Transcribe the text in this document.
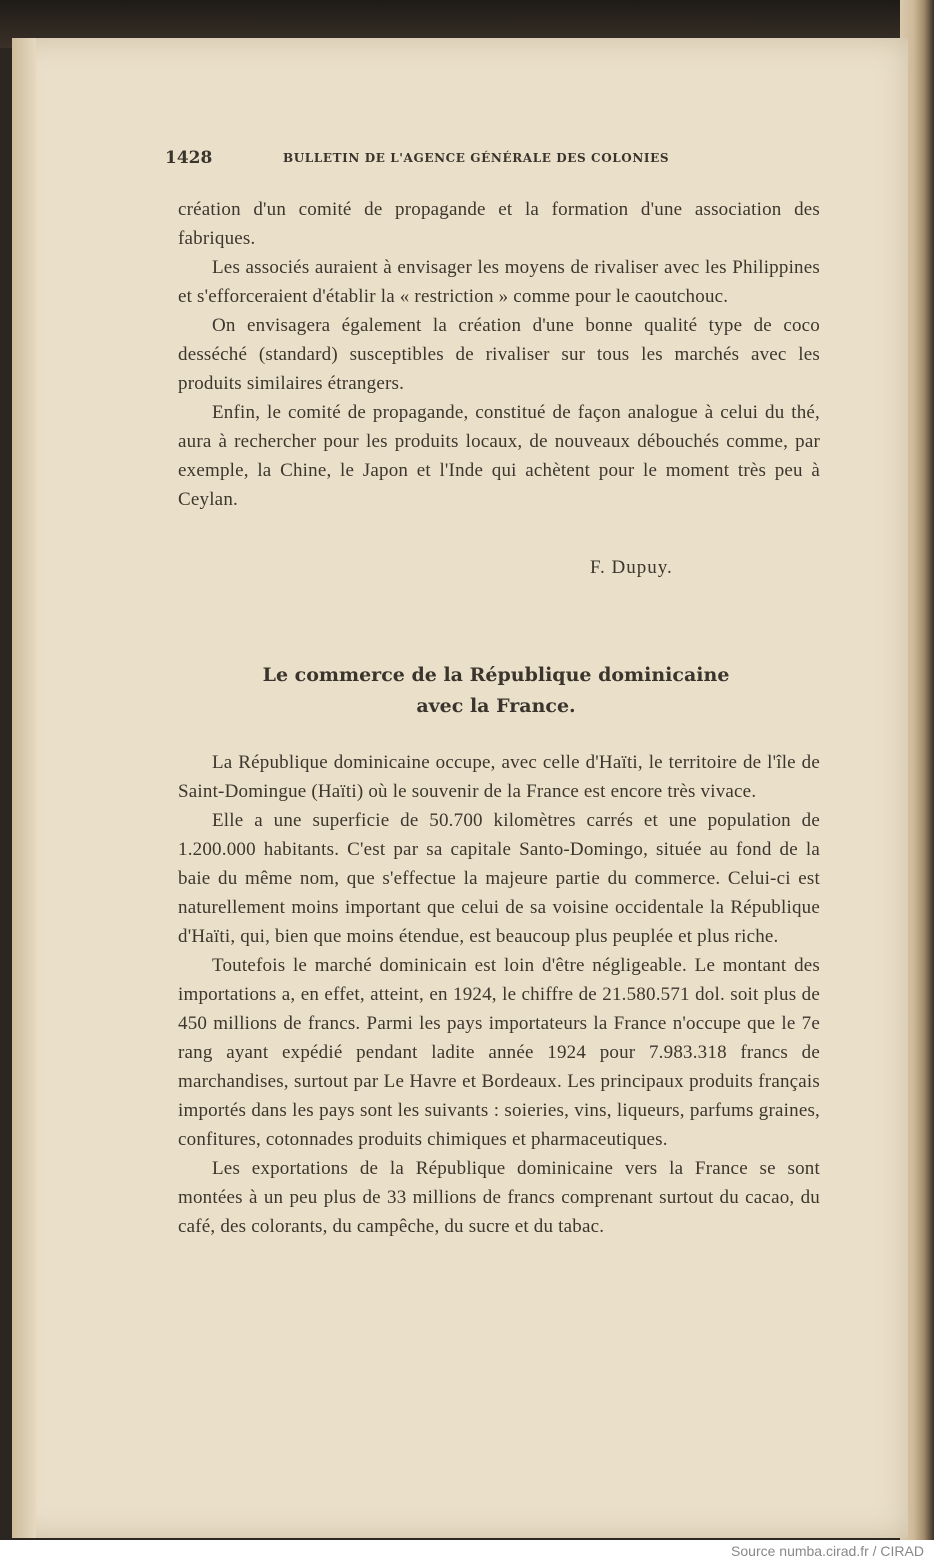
1428	BULLETIN DE L'AGENCE GÉNÉRALE DES COLONIES

création d'un comité de propagande et la formation d'une association des fabriques.

Les associés auraient à envisager les moyens de rivaliser avec les Philippines et s'efforceraient d'établir la « restriction » comme pour le caoutchouc.

On envisagera également la création d'une bonne qualité type de coco desséché (standard) susceptibles de rivaliser sur tous les marchés avec les produits similaires étrangers.

Enfin, le comité de propagande, constitué de façon analogue à celui du thé, aura à rechercher pour les produits locaux, de nouveaux débouchés comme, par exemple, la Chine, le Japon et l'Inde qui achètent pour le moment très peu à Ceylan.

F. Dupuy.
Le commerce de la République dominicaine
avec la France.

La République dominicaine occupe, avec celle d'Haïti, le territoire de l'île de Saint-Domingue (Haïti) où le souvenir de la France est encore très vivace.

Elle a une superficie de 50.700 kilomètres carrés et une population de 1.200.000 habitants. C'est par sa capitale Santo-Domingo, située au fond de la baie du même nom, que s'effectue la majeure partie du commerce. Celui-ci est naturellement moins important que celui de sa voisine occidentale la République d'Haïti, qui, bien que moins étendue, est beaucoup plus peuplée et plus riche.

Toutefois le marché dominicain est loin d'être négligeable. Le montant des importations a, en effet, atteint, en 1924, le chiffre de 21.580.571 dol. soit plus de 450 millions de francs. Parmi les pays importateurs la France n'occupe que le 7e rang ayant expédié pendant ladite année 1924 pour 7.983.318 francs de marchandises, surtout par Le Havre et Bordeaux. Les principaux produits français importés dans les pays sont les suivants : soieries, vins, liqueurs, parfums graines, confitures, cotonnades produits chimiques et pharmaceutiques.

Les exportations de la République dominicaine vers la France se sont montées à un peu plus de 33 millions de francs comprenant surtout du cacao, du café, des colorants, du campêche, du sucre et du tabac.

Source numba.cirad.fr / CIRAD
